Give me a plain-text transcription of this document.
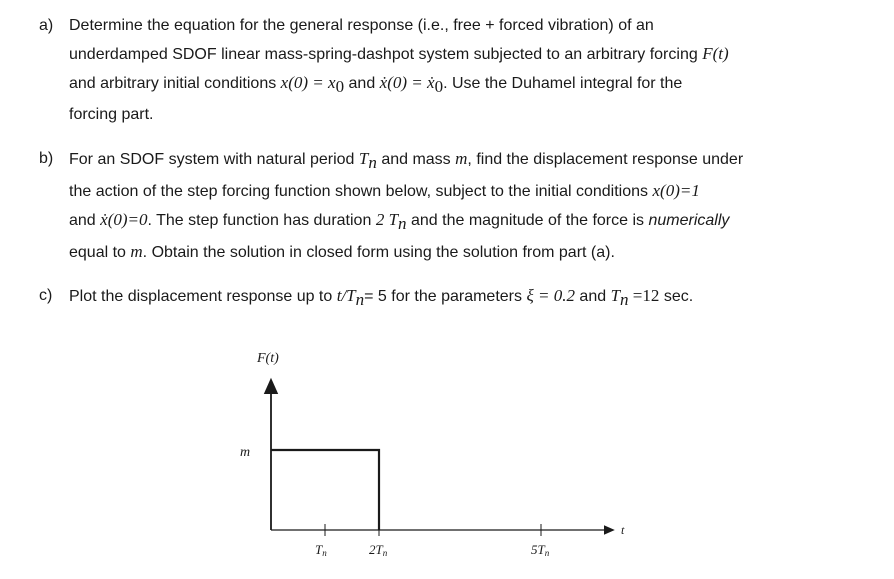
a) Determine the equation for the general response (i.e., free + forced vibration) of an
underdamped SDOF linear mass-spring-dashpot system subjected to an arbitrary forcing F(t)
and arbitrary initial conditions $x(0) = x_0$ and ẋ(0) = ẋ$_0$. Use the Duhamel integral for the
forcing part.
b) For an SDOF system with natural period $T_n$ and mass m, find the displacement response under
the action of the step forcing function shown below, subject to the initial conditions x(0)=1
and ẋ(0)=0. The step function has duration 2 $T_n$ and the magnitude of the force is numerically
equal to m. Obtain the solution in closed form using the solution from part (a).
c) Plot the displacement response up to $t/T_n= 5$ for the parameters ξ = 0.2 and $T_n =12$ sec.
F(t)
t
m
Tn	2Tn	5Tn
